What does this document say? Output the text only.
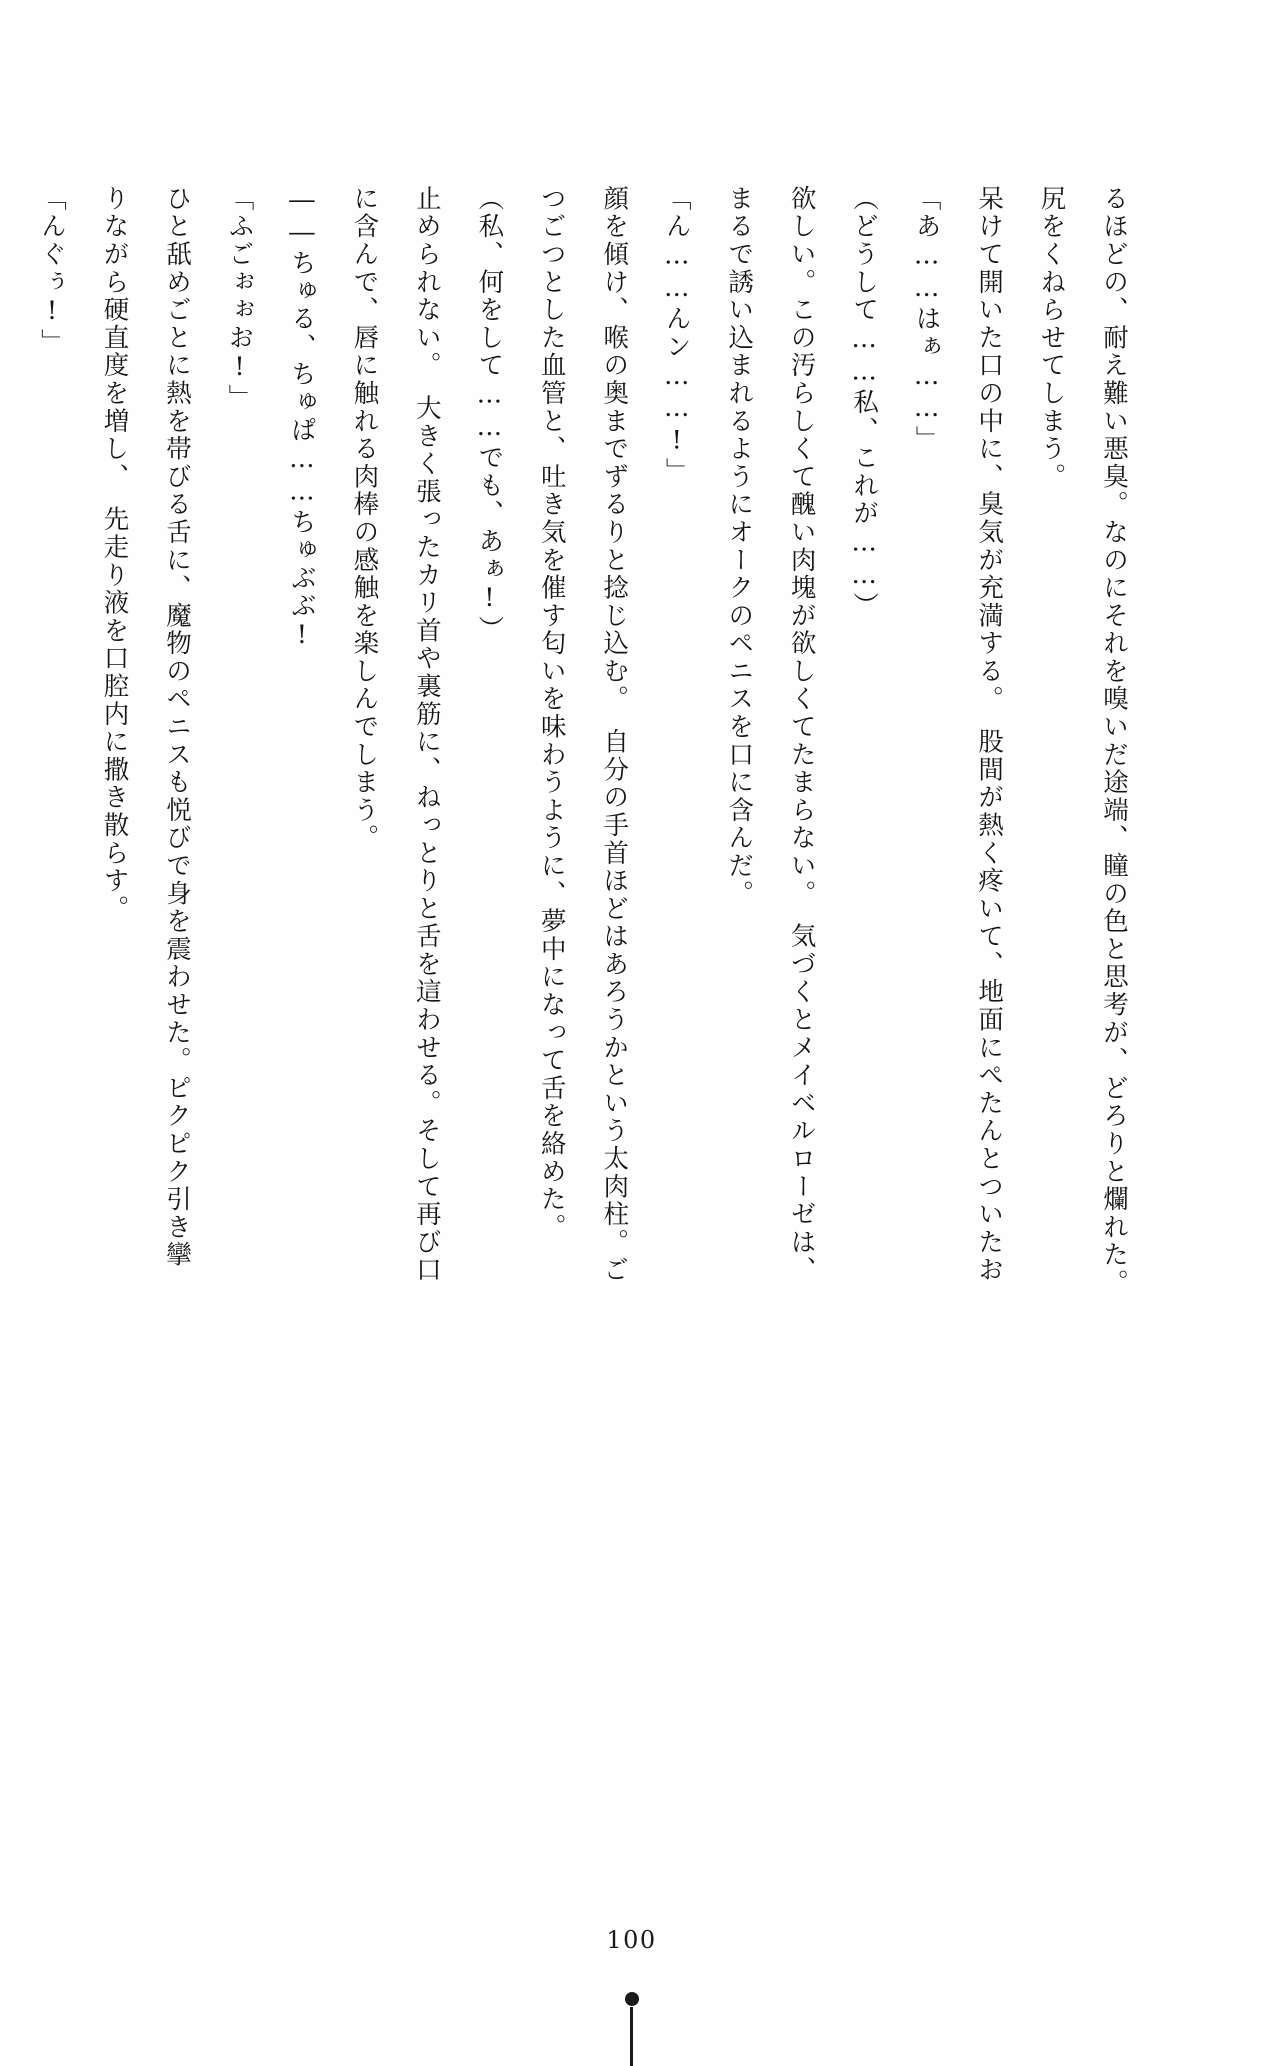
るほどの、耐え難い悪臭。なのにそれを嗅いだ途端、瞳の色と思考が、どろりと爛れた。

尻をくねらせてしまう。

呆けて開いた口の中に、臭気が充満する。　股間が熱く疼いて、地面にぺたんとついたお

「あ……はぁ……」

（どうして……私、これが……）

欲しい。この汚らしくて醜い肉塊が欲しくてたまらない。　気づくとメイベルローゼは、

まるで誘い込まれるようにオークのペニスを口に含んだ。

「ん……んン……!」

顔を傾け、喉の奥までずるりと捻じ込む。　自分の手首ほどはあろうかという太肉柱。ご

つごつとした血管と、吐き気を催す匂いを味わうように、夢中になって舌を絡めた。

（私、何をして……でも、あぁ!）

止められない。　大きく張ったカリ首や裏筋に、ねっとりと舌を這わせる。そして再び口

に含んで、唇に触れる肉棒の感触を楽しんでしまう。

――ちゅる、ちゅぱ……ちゅぶぶ!

「ふごぉぉお!」

ひと舐めごとに熱を帯びる舌に、魔物のペニスも悦びで身を震わせた。ピクピク引き攣

りながら硬直度を増し、　先走り液を口腔内に撒き散らす。

「んぐぅ!」

100
